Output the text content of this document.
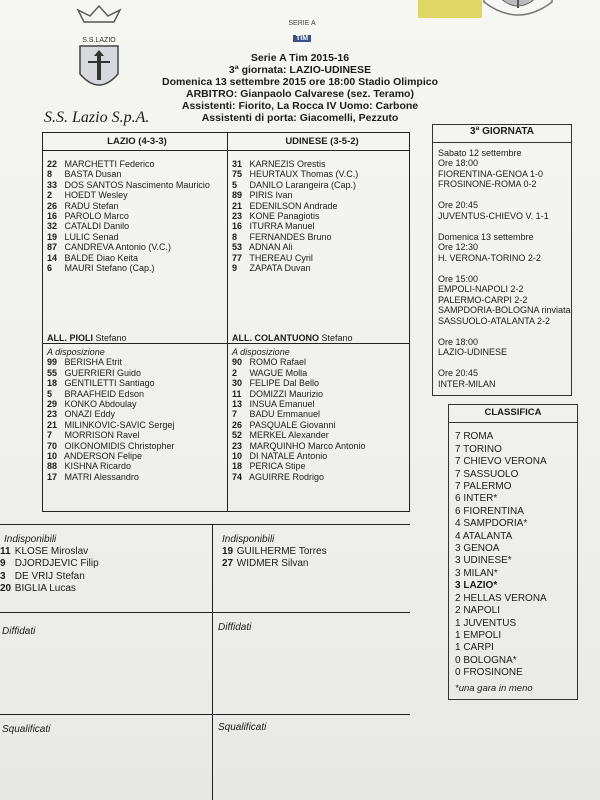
S.S.LAZIO
SERIE A
TIM
Serie A Tim 2015-16
3ª giornata: LAZIO-UDINESE
Domenica 13 settembre 2015 ore 18:00 Stadio Olimpico
ARBITRO: Gianpaolo Calvarese (sez. Teramo)
Assistenti: Fiorito, La Rocca IV Uomo: Carbone
Assistenti di porta: Giacomelli, Pezzuto
S.S. Lazio S.p.A.
LAZIO (4-3-3)
22 MARCHETTI Federico
8 BASTA Dusan
33 DOS SANTOS Nascimento Mauricio
2 HOEDT Wesley
26 RADU Stefan
16 PAROLO Marco
32 CATALDI Danilo
19 LULIC Senad
87 CANDREVA Antonio (V.C.)
14 BALDE Diao Keita
6 MAURI Stefano (Cap.)
ALL. PIOLI Stefano
A disposizione
99 BERISHA Etrit
55 GUERRIERI Guido
18 GENTILETTI Santiago
5 BRAAFHEID Edson
29 KONKO Abdoulay
23 ONAZI Eddy
21 MILINKOVIC-SAVIC Sergej
7 MORRISON Ravel
70 OIKONOMIDIS Christopher
10 ANDERSON Felipe
88 KISHNA Ricardo
17 MATRI Alessandro
UDINESE (3-5-2)
31 KARNEZIS Orestis
75 HEURTAUX Thomas (V.C.)
5 DANILO Larangeira (Cap.)
89 PIRIS Ivan
21 EDENILSON Andrade
23 KONE Panagiotis
16 ITURRA Manuel
8 FERNANDES Bruno
53 ADNAN Ali
77 THEREAU Cyril
9 ZAPATA Duvan
ALL. COLANTUONO Stefano
A disposizione
90 ROMO Rafael
2 WAGUE Molla
30 FELIPE Dal Bello
11 DOMIZZI Maurizio
13 INSUA Emanuel
7 BADU Emmanuel
26 PASQUALE Giovanni
52 MERKEL Alexander
23 MARQUINHO Marco Antonio
10 DI NATALE Antonio
18 PERICA Stipe
74 AGUIRRE Rodrigo
Indisponibili
11 KLOSE Miroslav
9 DJORDJEVIC Filip
3 DE VRIJ Stefan
20 BIGLIA Lucas
Indisponibili
19 GUILHERME Torres
27 WIDMER Silvan
Diffidati	Diffidati
Squalificati	Squalificati
3ª GIORNATA
Sabato 12 settembre
Ore 18:00
FIORENTINA-GENOA 1-0
FROSINONE-ROMA 0-2
Ore 20:45
JUVENTUS-CHIEVO V. 1-1
Domenica 13 settembre
Ore 12:30
H. VERONA-TORINO 2-2
Ore 15:00
EMPOLI-NAPOLI 2-2
PALERMO-CARPI 2-2
SAMPDORIA-BOLOGNA rinviata
SASSUOLO-ATALANTA 2-2
Ore 18:00
LAZIO-UDINESE
Ore 20:45
INTER-MILAN
CLASSIFICA
7 ROMA
7 TORINO
7 CHIEVO VERONA
7 SASSUOLO
7 PALERMO
6 INTER*
6 FIORENTINA
4 SAMPDORIA*
4 ATALANTA
3 GENOA
3 UDINESE*
3 MILAN*
3 LAZIO*
2 HELLAS VERONA
2 NAPOLI
1 JUVENTUS
1 EMPOLI
1 CARPI
0 BOLOGNA*
0 FROSINONE
*una gara in meno
